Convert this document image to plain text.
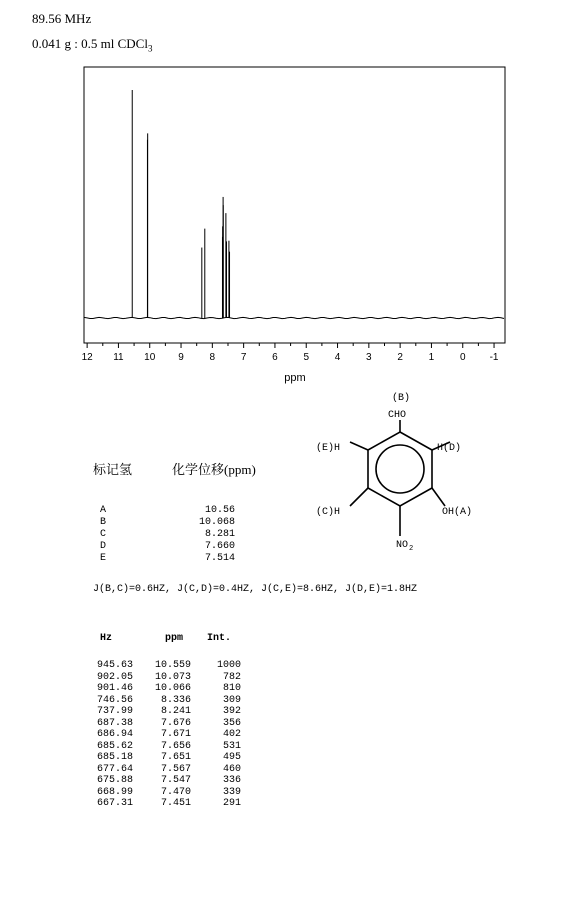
89.56 MHz
0.041 g : 0.5 ml CDCl$_3$
12 11 10 9	8	7	6	5	4	3	2	1	0 -1
ppm
(B)
CHO
(E)H	H(D)
(C)H	OH(A)
NO 2
标记氢	化学位移(ppm)
A	10.56
B	10.068
C	8.281
D	7.660
E	7.514
J(B,C)=0.6HZ, J(C,D)=0.4HZ, J(C,E)=8.6HZ, J(D,E)=1.8HZ
Hz	ppm Int.
945.63 10.559	1000
902.05 10.073	782
901.46 10.066	810
746.56	8.336	309
737.99	8.241	392
687.38	7.676	356
686.94	7.671	402
685.62	7.656	531
685.18	7.651	495
677.64	7.567	460
675.88	7.547	336
668.99	7.470	339
667.31	7.451	291
